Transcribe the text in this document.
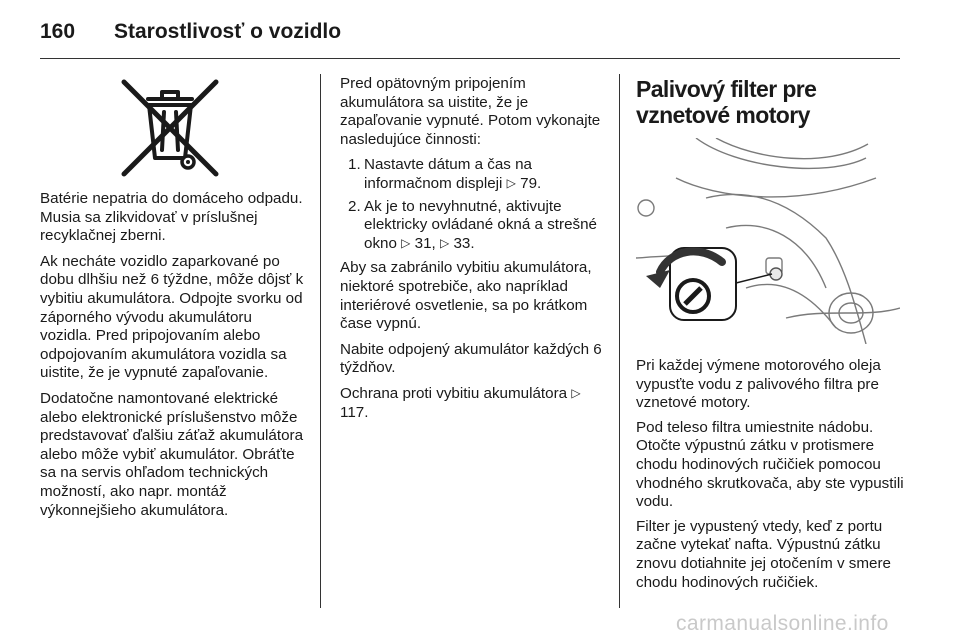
160 Starostlivosť o vozidlo

Batérie nepatria do domáceho odpadu. Musia sa zlikvidovať v príslušnej recyklačnej zberni.

Ak necháte vozidlo zaparkované po dobu dlhšiu než 6 týždne, môže dôjsť k vybitiu akumulátora. Odpojte svorku od záporného vývodu akumulátoru vozidla. Pred pripojovaním alebo odpojovaním akumulátora vozidla sa uistite, že je vypnuté zapaľovanie.

Dodatočne namontované elektrické alebo elektronické príslušenstvo môže predstavovať ďalšiu záťaž akumulátora alebo môže vybiť akumulátor. Obráťte sa na servis ohľadom technických možností, ako napr. montáž výkonnejšieho akumulátora.

Pred opätovným pripojením akumulátora sa uistite, že je zapaľovanie vypnuté. Potom vykonajte nasledujúce činnosti:

1. Nastavte dátum a čas na informačnom displeji ▷ 79.
2. Ak je to nevyhnutné, aktivujte elektricky ovládané okná a strešné okno ▷ 31, ▷ 33.

Aby sa zabránilo vybitiu akumulátora, niektoré spotrebiče, ako napríklad interiérové osvetlenie, sa po krátkom čase vypnú.

Nabite odpojený akumulátor každých 6 týždňov.

Ochrana proti vybitiu akumulátora ▷ 117.

Palivový filter pre vznetové motory

Pri každej výmene motorového oleja vypusťte vodu z palivového filtra pre vznetové motory.

Pod teleso filtra umiestnite nádobu. Otočte výpustnú zátku v protismere chodu hodinových ručičiek pomocou vhodného skrutkovača, aby ste vypustili vodu.

Filter je vypustený vtedy, keď z portu začne vytekať nafta. Výpustnú zátku znovu dotiahnite jej otočením v smere chodu hodinových ručičiek.

carmanualsonline.info
